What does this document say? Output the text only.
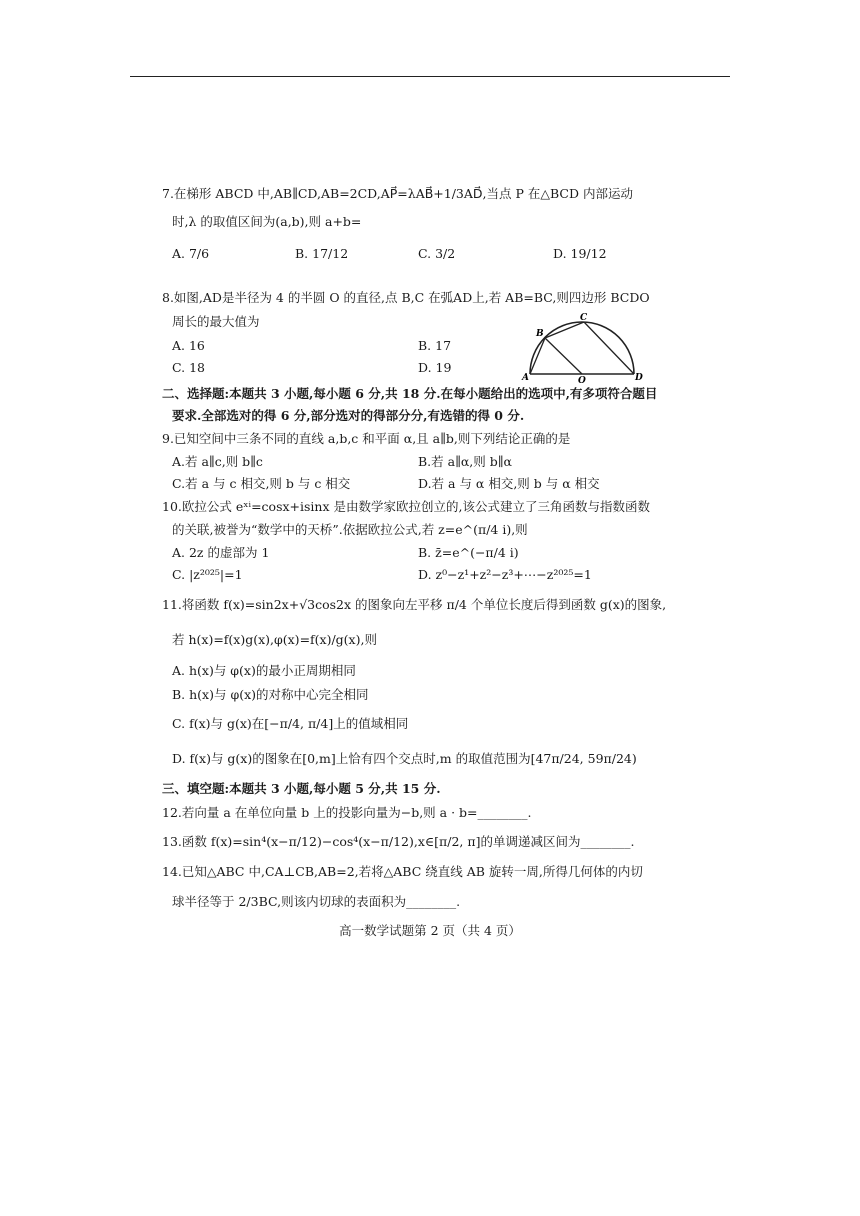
7.在梯形 ABCD 中,AB∥CD,AB=2CD,AP⃗=λAB⃗+1/3AD⃗,当点 P 在△BCD 内部运动
时,λ 的取值区间为(a,b),则 a+b=
A. 7/6	B. 17/12	C. 3/2	D. 19/12
8.如图,AD是半径为 4 的半圆 O 的直径,点 B,C 在弧AD上,若 AB=BC,则四边形 BCDO
周长的最大值为
A. 16	B. 17
C. 18	D. 19
A
B
C
O	D
二、选择题:本题共 3 小题,每小题 6 分,共 18 分.在每小题给出的选项中,有多项符合题目
要求.全部选对的得 6 分,部分选对的得部分分,有选错的得 0 分.
9.已知空间中三条不同的直线 a,b,c 和平面 α,且 a∥b,则下列结论正确的是
A.若 a∥c,则 b∥c	B.若 a∥α,则 b∥α
C.若 a 与 c 相交,则 b 与 c 相交	D.若 a 与 α 相交,则 b 与 α 相交
10.欧拉公式 eˣⁱ=cosx+isinx 是由数学家欧拉创立的,该公式建立了三角函数与指数函数
的关联,被誉为“数学中的天桥”.依据欧拉公式,若 z=e^(π/4 i),则
A. 2z 的虚部为 1	B. z̄=e^(−π/4 i)
C. |z²⁰²⁵|=1	D. z⁰−z¹+z²−z³+⋯−z²⁰²⁵=1
11.将函数 f(x)=sin2x+√3cos2x 的图象向左平移 π/4 个单位长度后得到函数 g(x)的图象,
若 h(x)=f(x)g(x),φ(x)=f(x)/g(x),则
A. h(x)与 φ(x)的最小正周期相同
B. h(x)与 φ(x)的对称中心完全相同
C. f(x)与 g(x)在[−π/4, π/4]上的值域相同
D. f(x)与 g(x)的图象在[0,m]上恰有四个交点时,m 的取值范围为[47π/24, 59π/24)
三、填空题:本题共 3 小题,每小题 5 分,共 15 分.
12.若向量 a 在单位向量 b 上的投影向量为−b,则 a · b=________.
13.函数 f(x)=sin⁴(x−π/12)−cos⁴(x−π/12),x∈[π/2, π]的单调递减区间为________.
14.已知△ABC 中,CA⊥CB,AB=2,若将△ABC 绕直线 AB 旋转一周,所得几何体的内切
球半径等于 2/3BC,则该内切球的表面积为________.
高一数学试题第 2 页（共 4 页）
